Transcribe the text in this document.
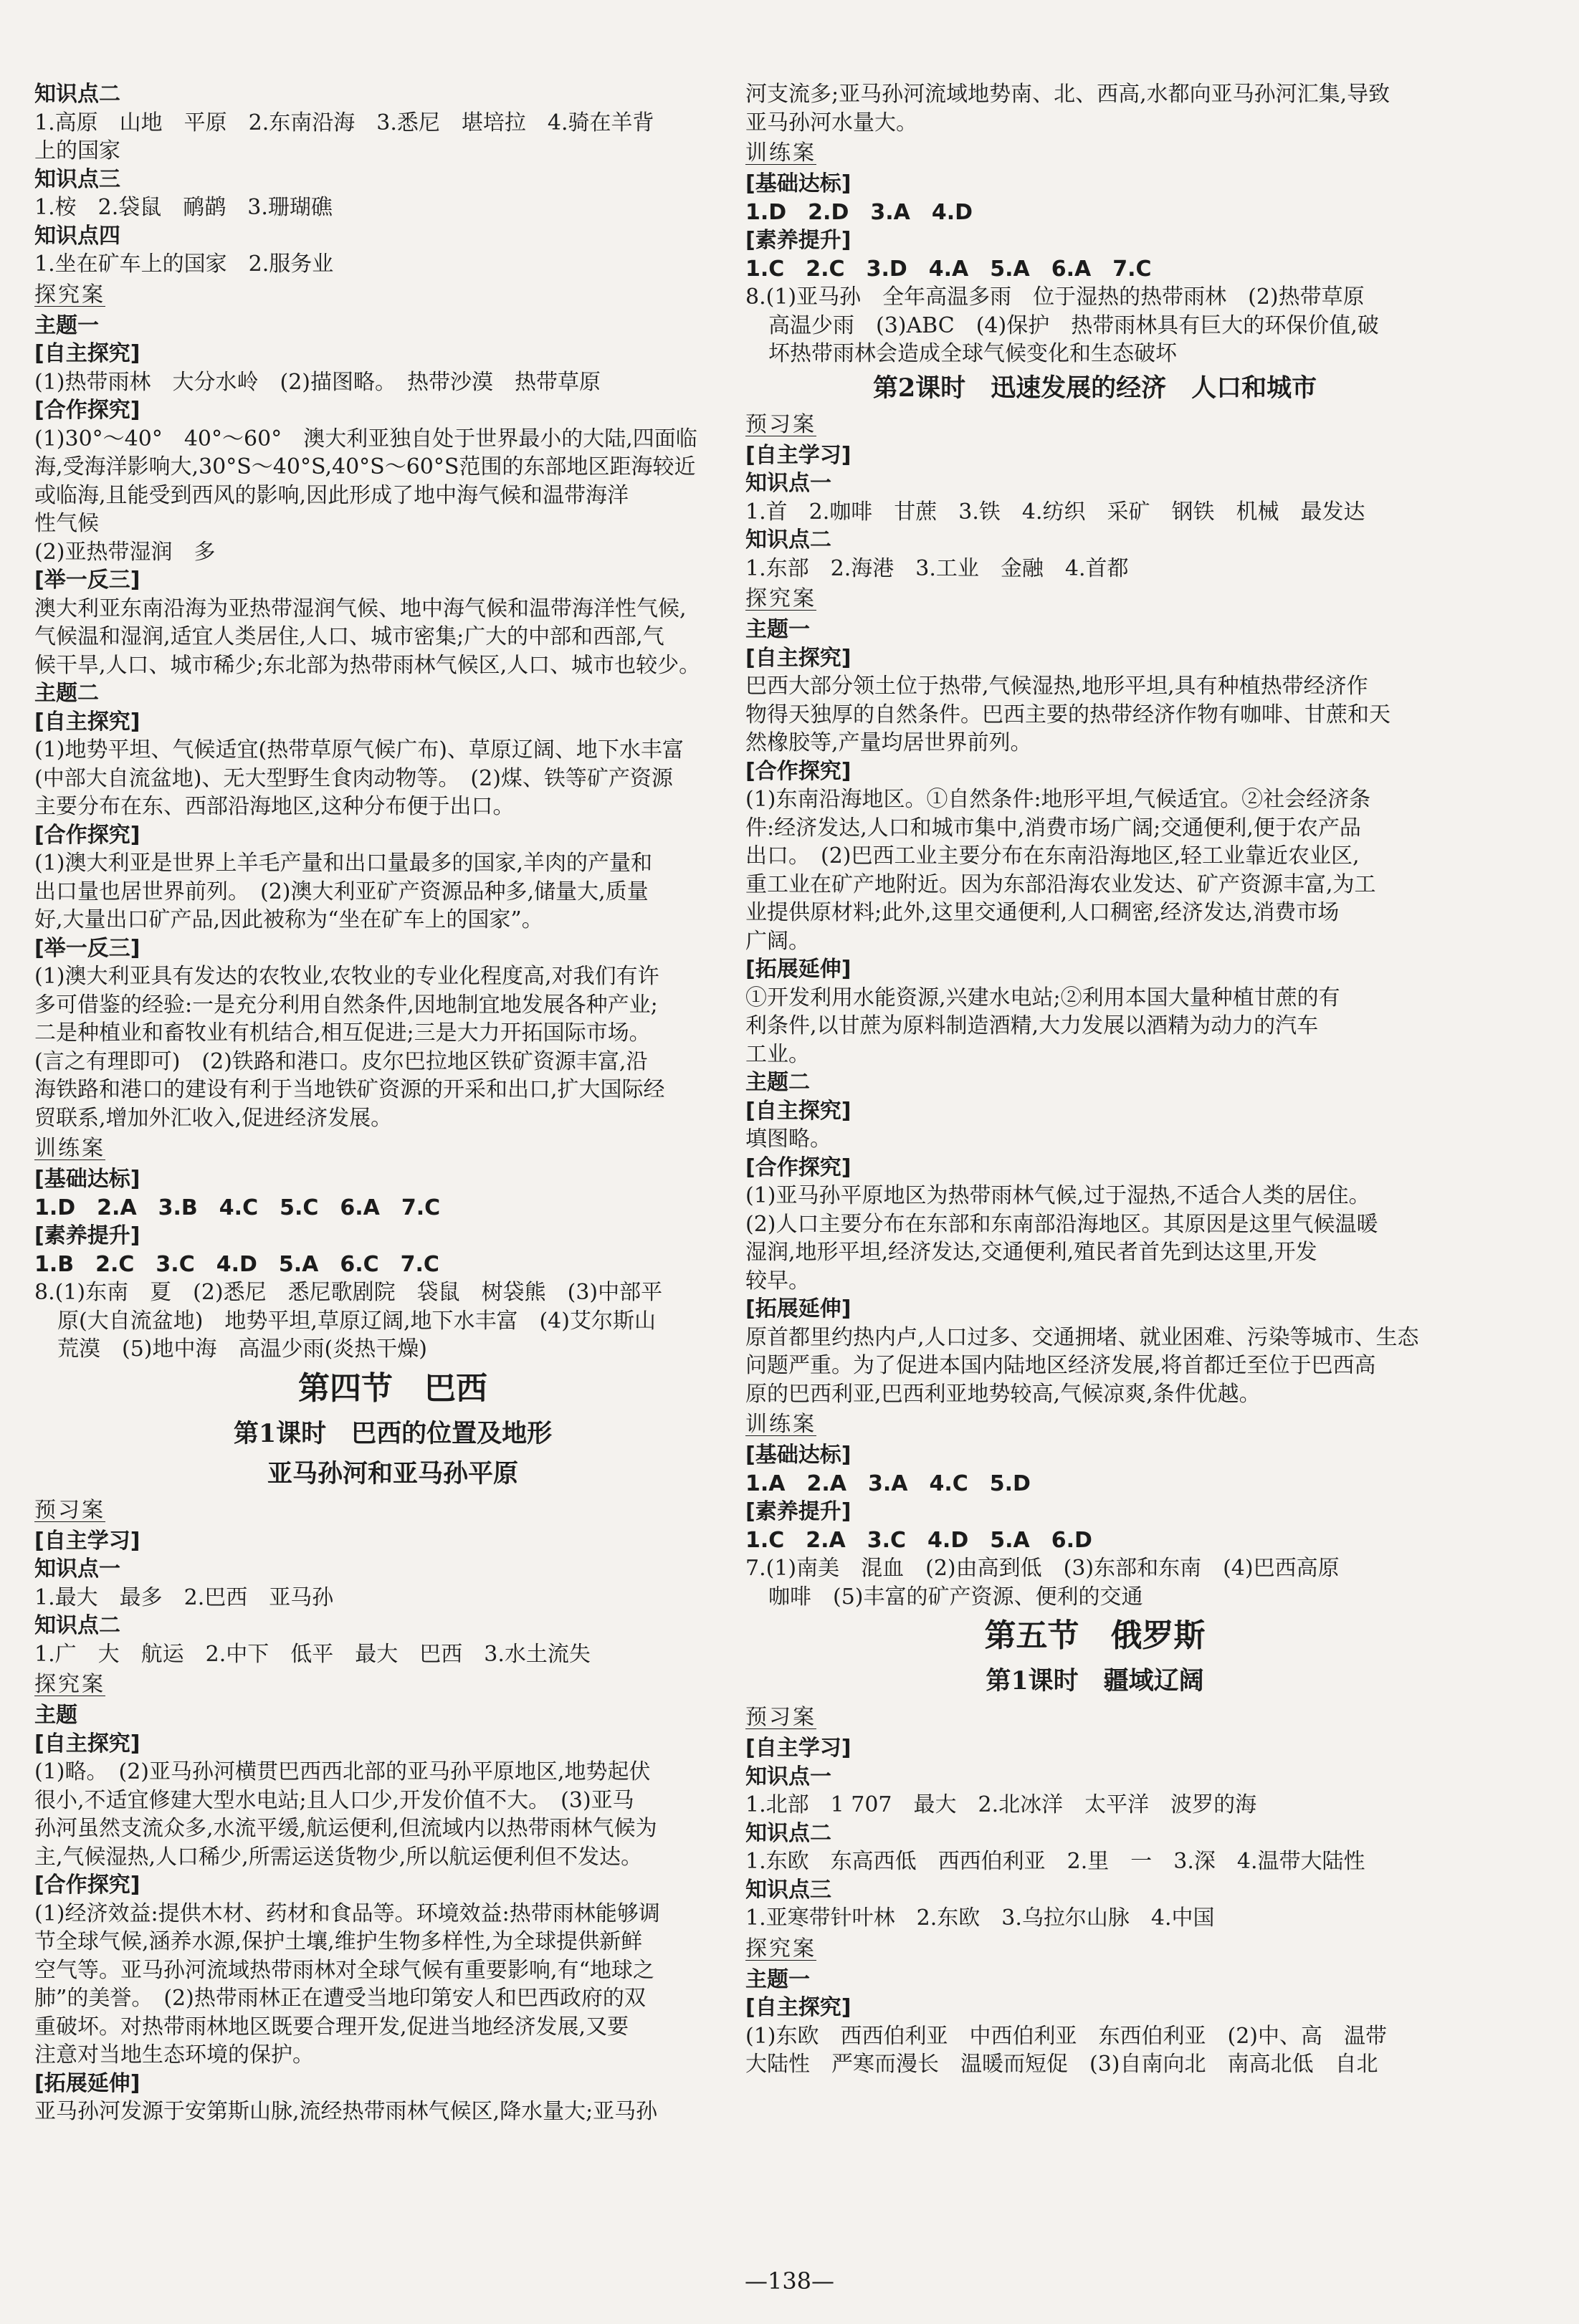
知识点二
1.高原　山地　平原　2.东南沿海　3.悉尼　堪培拉　4.骑在羊背
上的国家
知识点三
1.桉　2.袋鼠　鸸鹋　3.珊瑚礁
知识点四
1.坐在矿车上的国家　2.服务业
探究案
主题一
[自主探究]
(1)热带雨林　大分水岭　(2)描图略。　热带沙漠　热带草原
[合作探究]
(1)30°～40°　40°～60°　澳大利亚独自处于世界最小的大陆,四面临
海,受海洋影响大,30°S～40°S,40°S～60°S范围的东部地区距海较近
或临海,且能受到西风的影响,因此形成了地中海气候和温带海洋
性气候
(2)亚热带湿润　多
[举一反三]
澳大利亚东南沿海为亚热带湿润气候、地中海气候和温带海洋性气候,
气候温和湿润,适宜人类居住,人口、城市密集;广大的中部和西部,气
候干旱,人口、城市稀少;东北部为热带雨林气候区,人口、城市也较少。
主题二
[自主探究]
(1)地势平坦、气候适宜(热带草原气候广布)、草原辽阔、地下水丰富
(中部大自流盆地)、无大型野生食肉动物等。　(2)煤、铁等矿产资源
主要分布在东、西部沿海地区,这种分布便于出口。
[合作探究]
(1)澳大利亚是世界上羊毛产量和出口量最多的国家,羊肉的产量和
出口量也居世界前列。　(2)澳大利亚矿产资源品种多,储量大,质量
好,大量出口矿产品,因此被称为“坐在矿车上的国家”。
[举一反三]
(1)澳大利亚具有发达的农牧业,农牧业的专业化程度高,对我们有许
多可借鉴的经验:一是充分利用自然条件,因地制宜地发展各种产业;
二是种植业和畜牧业有机结合,相互促进;三是大力开拓国际市场。
(言之有理即可)　(2)铁路和港口。皮尔巴拉地区铁矿资源丰富,沿
海铁路和港口的建设有利于当地铁矿资源的开采和出口,扩大国际经
贸联系,增加外汇收入,促进经济发展。
训练案
[基础达标]
1.D　2.A　3.B　4.C　5.C　6.A　7.C
[素养提升]
1.B　2.C　3.C　4.D　5.A　6.C　7.C
8.(1)东南　夏　(2)悉尼　悉尼歌剧院　袋鼠　树袋熊　(3)中部平
原(大自流盆地)　地势平坦,草原辽阔,地下水丰富　(4)艾尔斯山
荒漠　(5)地中海　高温少雨(炎热干燥)
第四节　巴西
第1课时　巴西的位置及地形
亚马孙河和亚马孙平原
预习案
[自主学习]
知识点一
1.最大　最多　2.巴西　亚马孙
知识点二
1.广　大　航运　2.中下　低平　最大　巴西　3.水土流失
探究案
主题
[自主探究]
(1)略。　(2)亚马孙河横贯巴西西北部的亚马孙平原地区,地势起伏
很小,不适宜修建大型水电站;且人口少,开发价值不大。　(3)亚马
孙河虽然支流众多,水流平缓,航运便利,但流域内以热带雨林气候为
主,气候湿热,人口稀少,所需运送货物少,所以航运便利但不发达。
[合作探究]
(1)经济效益:提供木材、药材和食品等。环境效益:热带雨林能够调
节全球气候,涵养水源,保护土壤,维护生物多样性,为全球提供新鲜
空气等。亚马孙河流域热带雨林对全球气候有重要影响,有“地球之
肺”的美誉。　(2)热带雨林正在遭受当地印第安人和巴西政府的双
重破坏。对热带雨林地区既要合理开发,促进当地经济发展,又要
注意对当地生态环境的保护。
[拓展延伸]
亚马孙河发源于安第斯山脉,流经热带雨林气候区,降水量大;亚马孙
河支流多;亚马孙河流域地势南、北、西高,水都向亚马孙河汇集,导致
亚马孙河水量大。
训练案
[基础达标]
1.D　2.D　3.A　4.D
[素养提升]
1.C　2.C　3.D　4.A　5.A　6.A　7.C
8.(1)亚马孙　全年高温多雨　位于湿热的热带雨林　(2)热带草原
高温少雨　(3)ABC　(4)保护　热带雨林具有巨大的环保价值,破
坏热带雨林会造成全球气候变化和生态破坏
第2课时　迅速发展的经济　人口和城市
预习案
[自主学习]
知识点一
1.首　2.咖啡　甘蔗　3.铁　4.纺织　采矿　钢铁　机械　最发达
知识点二
1.东部　2.海港　3.工业　金融　4.首都
探究案
主题一
[自主探究]
巴西大部分领土位于热带,气候湿热,地形平坦,具有种植热带经济作
物得天独厚的自然条件。巴西主要的热带经济作物有咖啡、甘蔗和天
然橡胶等,产量均居世界前列。
[合作探究]
(1)东南沿海地区。①自然条件:地形平坦,气候适宜。②社会经济条
件:经济发达,人口和城市集中,消费市场广阔;交通便利,便于农产品
出口。　(2)巴西工业主要分布在东南沿海地区,轻工业靠近农业区,
重工业在矿产地附近。因为东部沿海农业发达、矿产资源丰富,为工
业提供原材料;此外,这里交通便利,人口稠密,经济发达,消费市场
广阔。
[拓展延伸]
①开发利用水能资源,兴建水电站;②利用本国大量种植甘蔗的有
利条件,以甘蔗为原料制造酒精,大力发展以酒精为动力的汽车
工业。
主题二
[自主探究]
填图略。
[合作探究]
(1)亚马孙平原地区为热带雨林气候,过于湿热,不适合人类的居住。
(2)人口主要分布在东部和东南部沿海地区。其原因是这里气候温暖
湿润,地形平坦,经济发达,交通便利,殖民者首先到达这里,开发
较早。
[拓展延伸]
原首都里约热内卢,人口过多、交通拥堵、就业困难、污染等城市、生态
问题严重。为了促进本国内陆地区经济发展,将首都迁至位于巴西高
原的巴西利亚,巴西利亚地势较高,气候凉爽,条件优越。
训练案
[基础达标]
1.A　2.A　3.A　4.C　5.D
[素养提升]
1.C　2.A　3.C　4.D　5.A　6.D
7.(1)南美　混血　(2)由高到低　(3)东部和东南　(4)巴西高原
咖啡　(5)丰富的矿产资源、便利的交通
第五节　俄罗斯
第1课时　疆域辽阔
预习案
[自主学习]
知识点一
1.北部　1 707　最大　2.北冰洋　太平洋　波罗的海
知识点二
1.东欧　东高西低　西西伯利亚　2.里　一　3.深　4.温带大陆性
知识点三
1.亚寒带针叶林　2.东欧　3.乌拉尔山脉　4.中国
探究案
主题一
[自主探究]
(1)东欧　西西伯利亚　中西伯利亚　东西伯利亚　(2)中、高　温带
大陆性　严寒而漫长　温暖而短促　(3)自南向北　南高北低　自北
—138—
